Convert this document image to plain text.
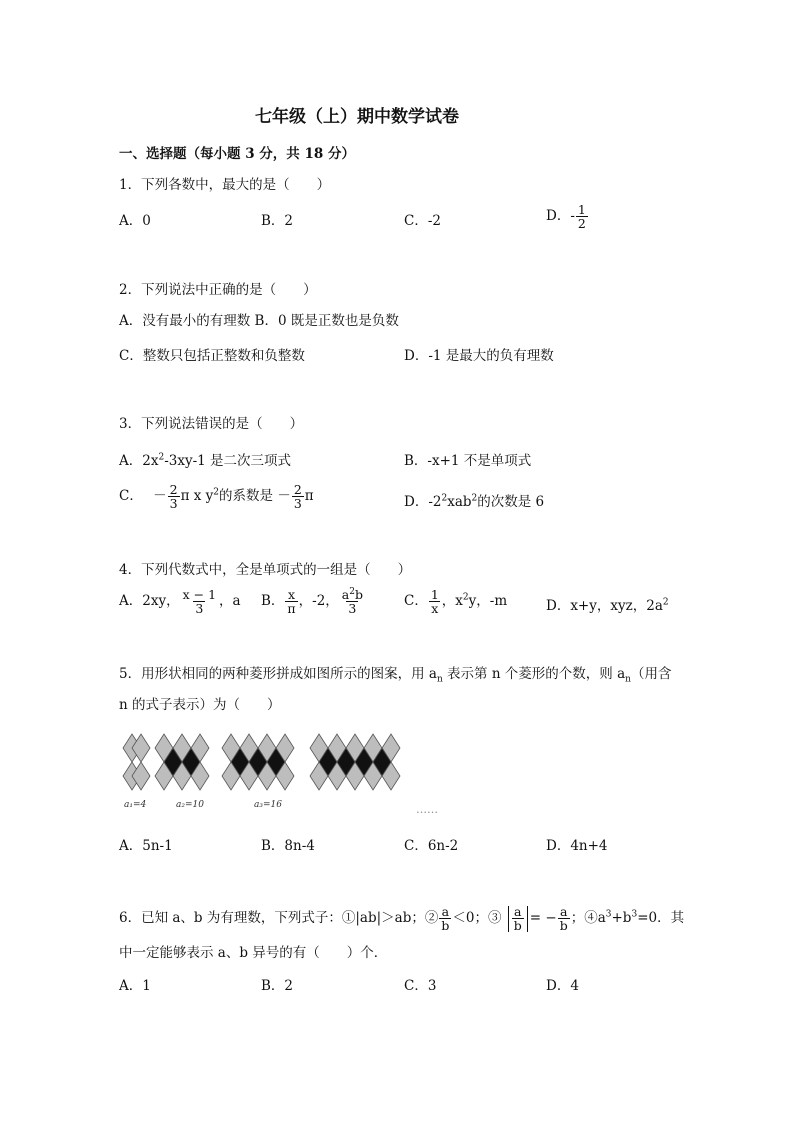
七年级（上）期中数学试卷
一、选择题（每小题 3 分，共 18 分）
1．下列各数中，最大的是（　　）
A．0	B．2	C．-2	D．- $\frac{1}{2}$
2．下列说法中正确的是（　　）
A．没有最小的有理数 B．0 既是正数也是负数
C．整数只包括正整数和负整数	D．-1 是最大的负有理数
3．下列说法错误的是（　　）
A．$2x^2-3xy-1$ 是二次三项式	B．-x+1 不是单项式
C． － $\frac{2}{3}$ π x $y^2$的系数是 － $\frac{2}{3}$ π	D．$-2^2xab^2$的次数是 6
4．下列代数式中，全是单项式的一组是（　　）
A．2xy， $\frac{x - 1}{3}$ ，a B． $\frac{x}{\pi}$ ，-2， $\frac{a^2b}{3}$	C． $\frac{1}{x}$ ，$x^2y$，-m	D．x+y，xyz，$2a^2$
5．用形状相同的两种菱形拼成如图所示的图案，用 $a_n$ 表示第 n 个菱形的个数，则 $a_n$（用含
n 的式子表示）为（　　）
a₁=4	a₂=10	a₃=16	……
A．5n-1	B．8n-4	C．6n-2	D．4n+4
6．已知 a、b 为有理数，下列式子：①|ab|＞ab；② $\frac{a}{b} <0$；③ $\frac{a}{b}$ = − $\frac{a}{b}$ ；$④a^3+b^3=0$．其
中一定能够表示 a、b 异号的有（　　）个．
A．1	B．2	C．3	D．4
